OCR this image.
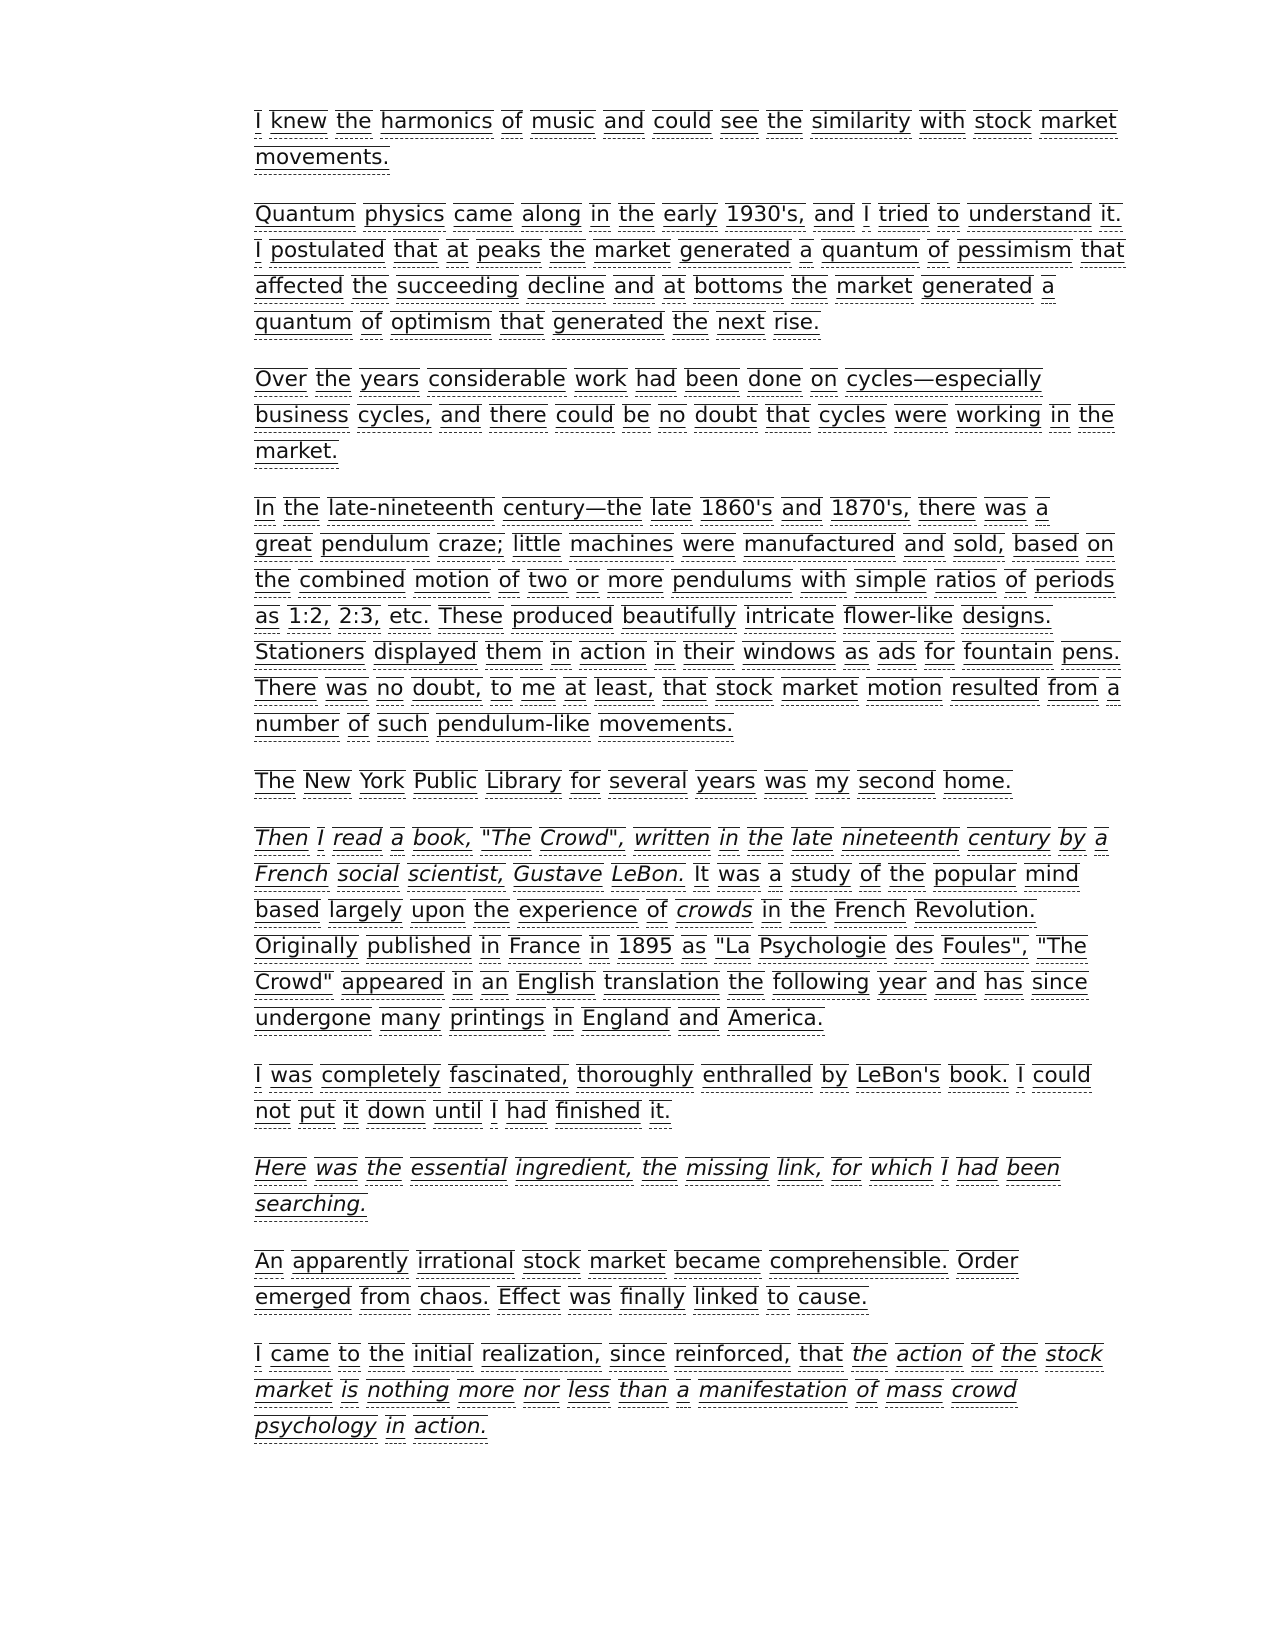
I knew the harmonics of music and could see the similarity with stock market
movements.
Quantum physics came along in the early 1930's, and I tried to understand it.
I postulated that at peaks the market generated a quantum of pessimism that
affected the succeeding decline and at bottoms the market generated a
quantum of optimism that generated the next rise.
Over the years considerable work had been done on cycles—especially
business cycles, and there could be no doubt that cycles were working in the
market.
In the late-nineteenth century—the late 1860's and 1870's, there was a
great pendulum craze; little machines were manufactured and sold, based on
the combined motion of two or more pendulums with simple ratios of periods
as 1:2, 2:3, etc. These produced beautifully intricate flower-like designs.
Stationers displayed them in action in their windows as ads for fountain pens.
There was no doubt, to me at least, that stock market motion resulted from a
number of such pendulum-like movements.
The New York Public Library for several years was my second home.
Then I read a book, "The Crowd", written in the late nineteenth century by a
French social scientist, Gustave LeBon. It was a study of the popular mind
based largely upon the experience of crowds in the French Revolution.
Originally published in France in 1895 as "La Psychologie des Foules", "The
Crowd" appeared in an English translation the following year and has since
undergone many printings in England and America.
I was completely fascinated, thoroughly enthralled by LeBon's book. I could
not put it down until I had finished it.
Here was the essential ingredient, the missing link, for which I had been
searching.
An apparently irrational stock market became comprehensible. Order
emerged from chaos. Effect was finally linked to cause.
I came to the initial realization, since reinforced, that the action of the stock
market is nothing more nor less than a manifestation of mass crowd
psychology in action.
